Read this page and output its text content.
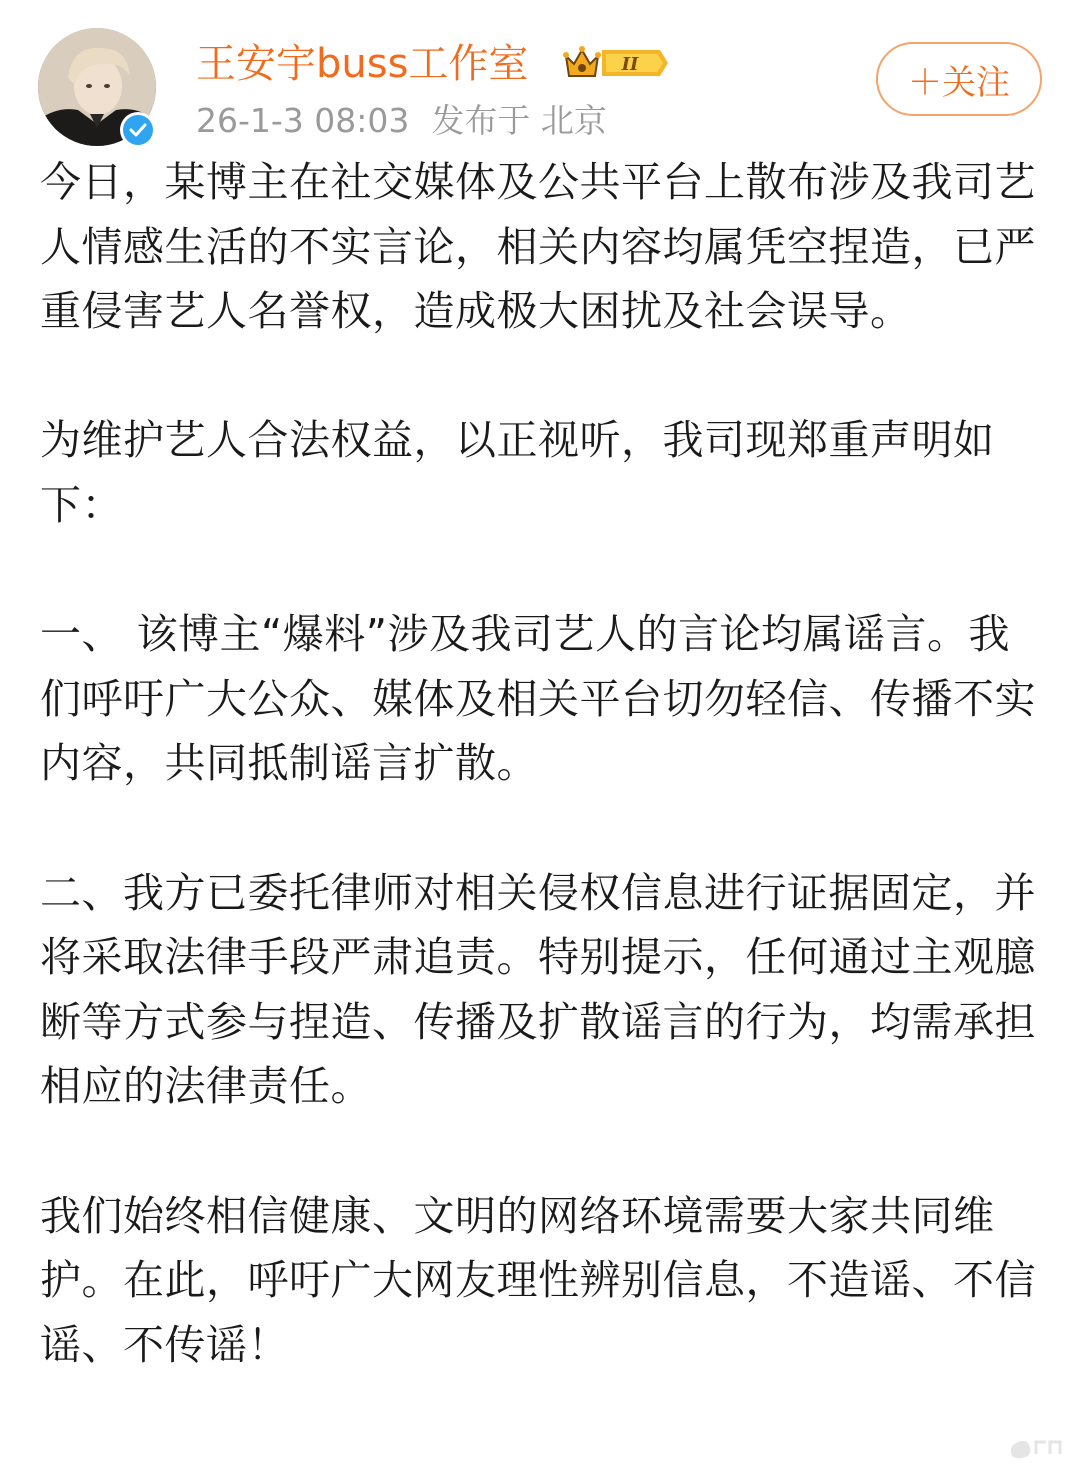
王安宇buss工作室	II
26-1-3 08:03 发布于 北京
＋关注

今日，某博主在社交媒体及公共平台上散布涉及我司艺人情感生活的不实言论，相关内容均属凭空捏造，已严重侵害艺人名誉权，造成极大困扰及社会误导。

为维护艺人合法权益，以正视听，我司现郑重声明如下：

一、 该博主“爆料”涉及我司艺人的言论均属谣言。我们呼吁广大公众、媒体及相关平台切勿轻信、传播不实内容，共同抵制谣言扩散。

二、我方已委托律师对相关侵权信息进行证据固定，并将采取法律手段严肃追责。特别提示，任何通过主观臆断等方式参与捏造、传播及扩散谣言的行为，均需承担相应的法律责任。

我们始终相信健康、文明的网络环境需要大家共同维护。在此，呼吁广大网友理性辨别信息，不造谣、不信谣、不传谣！
